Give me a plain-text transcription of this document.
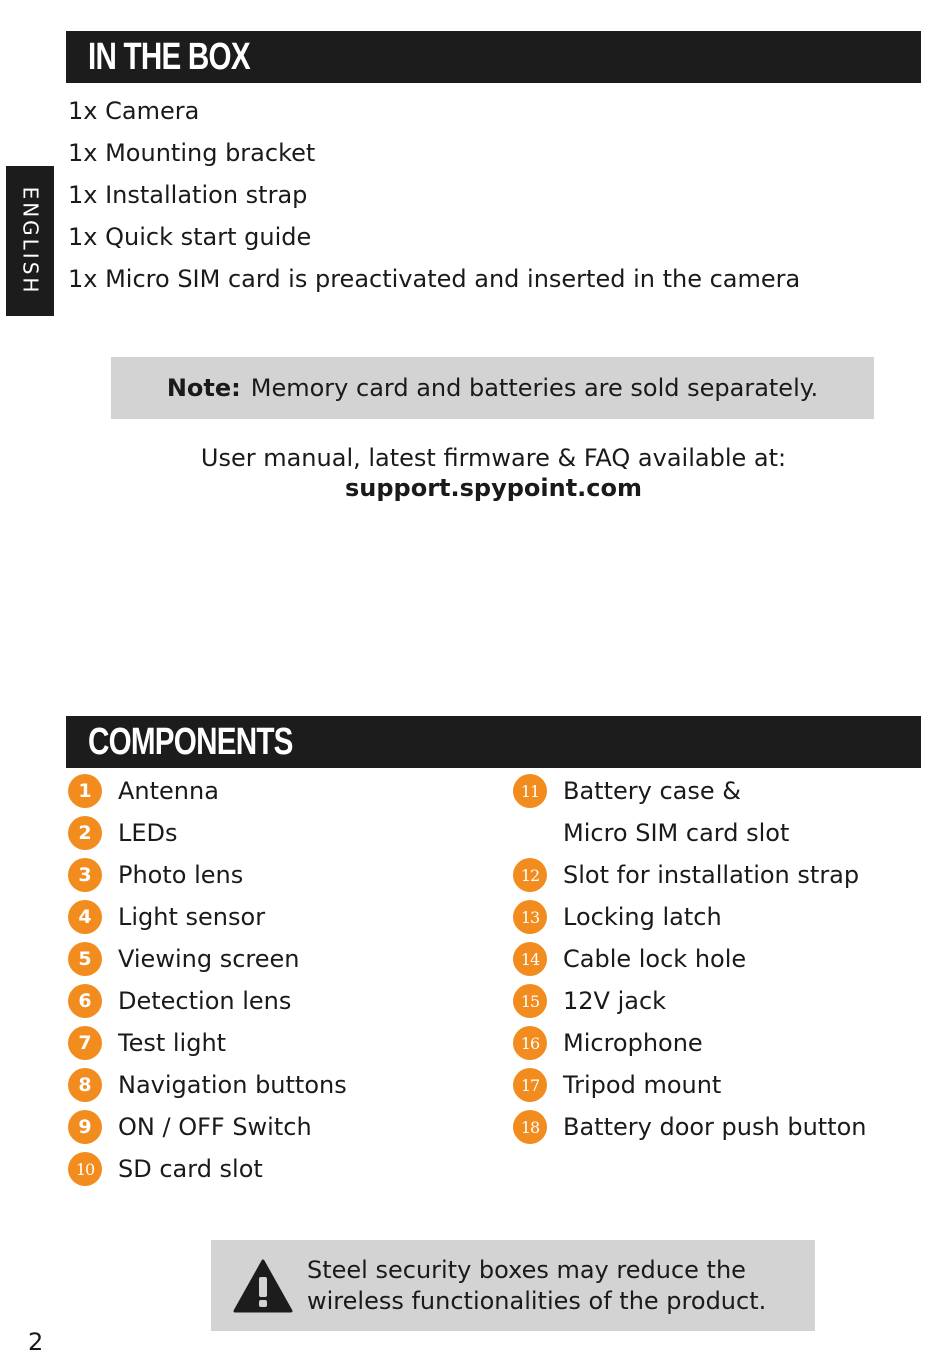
ENGLISH
IN THE BOX
1x Camera
1x Mounting bracket
1x Installation strap
1x Quick start guide
1x Micro SIM card is preactivated and inserted in the camera
Note: Memory card and batteries are sold separately.
User manual, latest firmware & FAQ available at:
support.spypoint.com
COMPONENTS
1	Antenna
2	LEDs
3	Photo lens
4	Light sensor
5	Viewing screen
6	Detection lens
7	Test light
8	Navigation buttons
9	ON / OFF Switch
10 SD card slot
11 Battery case &
Micro SIM card slot
12 Slot for installation strap
13 Locking latch
14 Cable lock hole
15 12V jack
16 Microphone
17 Tripod mount
18 Battery door push button
Steel security boxes may reduce the
wireless functionalities of the product.
2
